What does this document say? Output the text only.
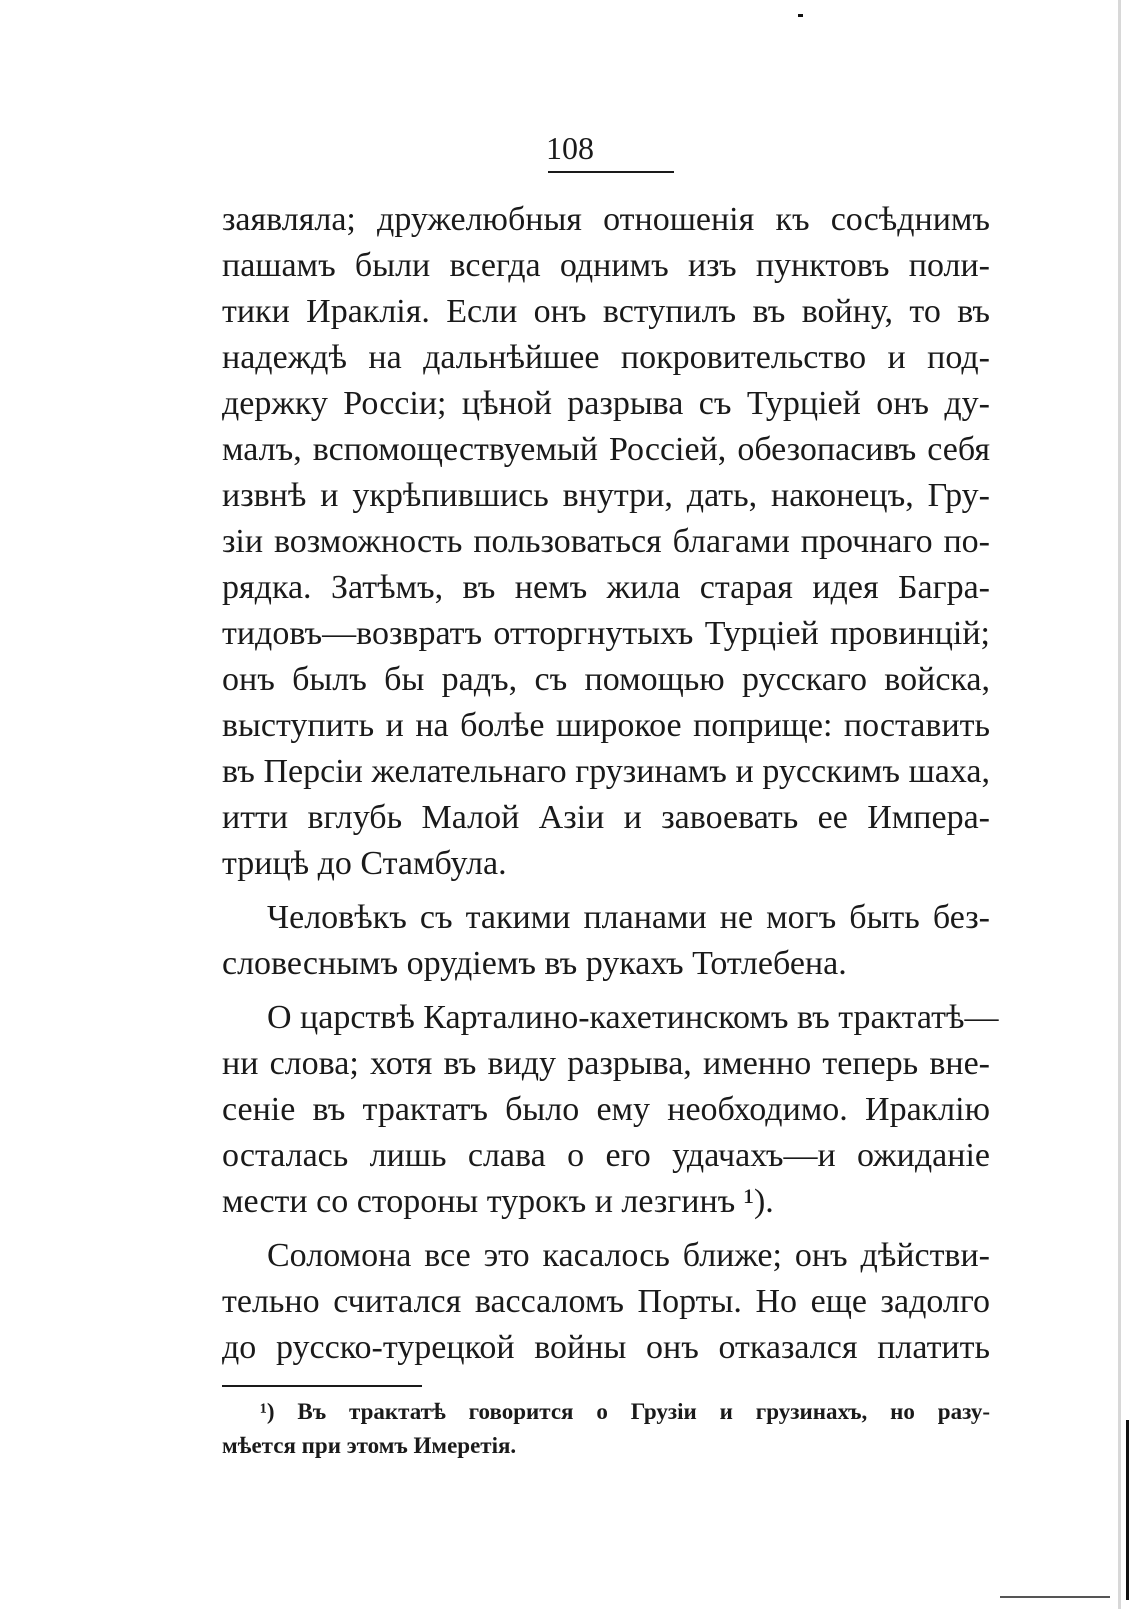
108
заявляла; дружелюбныя отношенія къ сосѣднимъ
пашамъ были всегда однимъ изъ пунктовъ поли-
тики Ираклія. Если онъ вступилъ въ войну, то въ
надеждѣ на дальнѣйшее покровительство и под-
держку Россіи; цѣной разрыва съ Турціей онъ ду-
малъ, вспомоществуемый Россіей, обезопасивъ себя
извнѣ и укрѣпившись внутри, дать, наконецъ, Гру-
зіи возможность пользоваться благами прочнаго по-
рядка. Затѣмъ, въ немъ жила старая идея Багра-
тидовъ—возвратъ отторгнутыхъ Турціей провинцій;
онъ былъ бы радъ, съ помощью русскаго войска,
выступить и на болѣе широкое поприще: поставить
въ Персіи желательнаго грузинамъ и русскимъ шаха,
итти вглубь Малой Азіи и завоевать ее Импера-
трицѣ до Стамбула.
Человѣкъ съ такими планами не могъ быть без-
словеснымъ орудіемъ въ рукахъ Тотлебена.
О царствѣ Карталино-кахетинскомъ въ трактатѣ—
ни слова; хотя въ виду разрыва, именно теперь вне-
сеніе въ трактатъ было ему необходимо. Ираклію
осталась лишь слава о его удачахъ—и ожиданіе
мести со стороны турокъ и лезгинъ ¹).
Соломона все это касалось ближе; онъ дѣйстви-
тельно считался вассаломъ Порты. Но еще задолго
до русско-турецкой войны онъ отказался платить
¹) Въ трактатѣ говорится о Грузіи и грузинахъ, но разу-
мѣется при этомъ Имеретія.
